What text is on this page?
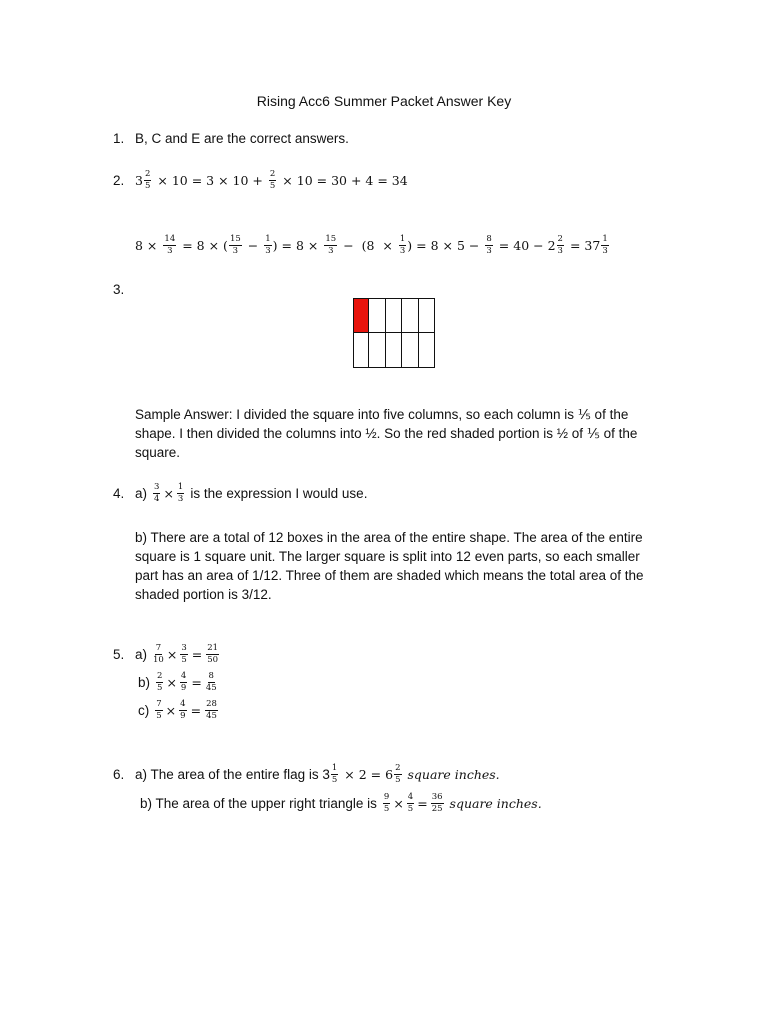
Rising Acc6 Summer Packet Answer Key
1. B, C and E are the correct answers.
2. $3 \frac{2}{5} \times 10 = 3 \times 10 + \frac{2}{5} \times 10 = 30 + 4 = 34$
$8 \times \frac{14}{3} = 8$ × ( $\frac{15}{3} - \frac{1}{3}$ ) = $8 \times \frac{15}{3} - (8 \times \frac{1}{3}$ ) = $8 \times 5 - \frac{8}{3} = 40 - 2 \frac{2}{3} = 37 \frac{1}{3}$
3.
Sample Answer: I divided the square into five columns, so each column is ⅕ of the shape. I then divided the columns into ½. So the red shaded portion is ½ of ⅕ of the square.
4. $a) \frac{3}{4} \times \frac{1}{3}$ is the expression I would use.
b) There are a total of 12 boxes in the area of the entire shape. The area of the entire square is 1 square unit. The larger square is split into 12 even parts, so each smaller part has an area of 1/12. Three of them are shaded which means the total area of the shaded portion is 3/12.
5. $a) \frac{7}{10} \times \frac{3}{5} = \frac{21}{50}$
$b) \frac{2}{5} \times \frac{4}{9} = \frac{8}{45}$
$c) \frac{7}{5} \times \frac{4}{9} = \frac{28}{45}$
6. a) The area of the entire flag is $3 \frac{1}{5} \times 2 = 6 \frac{2}{5}$ square inches.
b) The area of the upper right triangle is $\frac{9}{5} \times \frac{4}{5} = \frac{36}{25}$ square inches.
